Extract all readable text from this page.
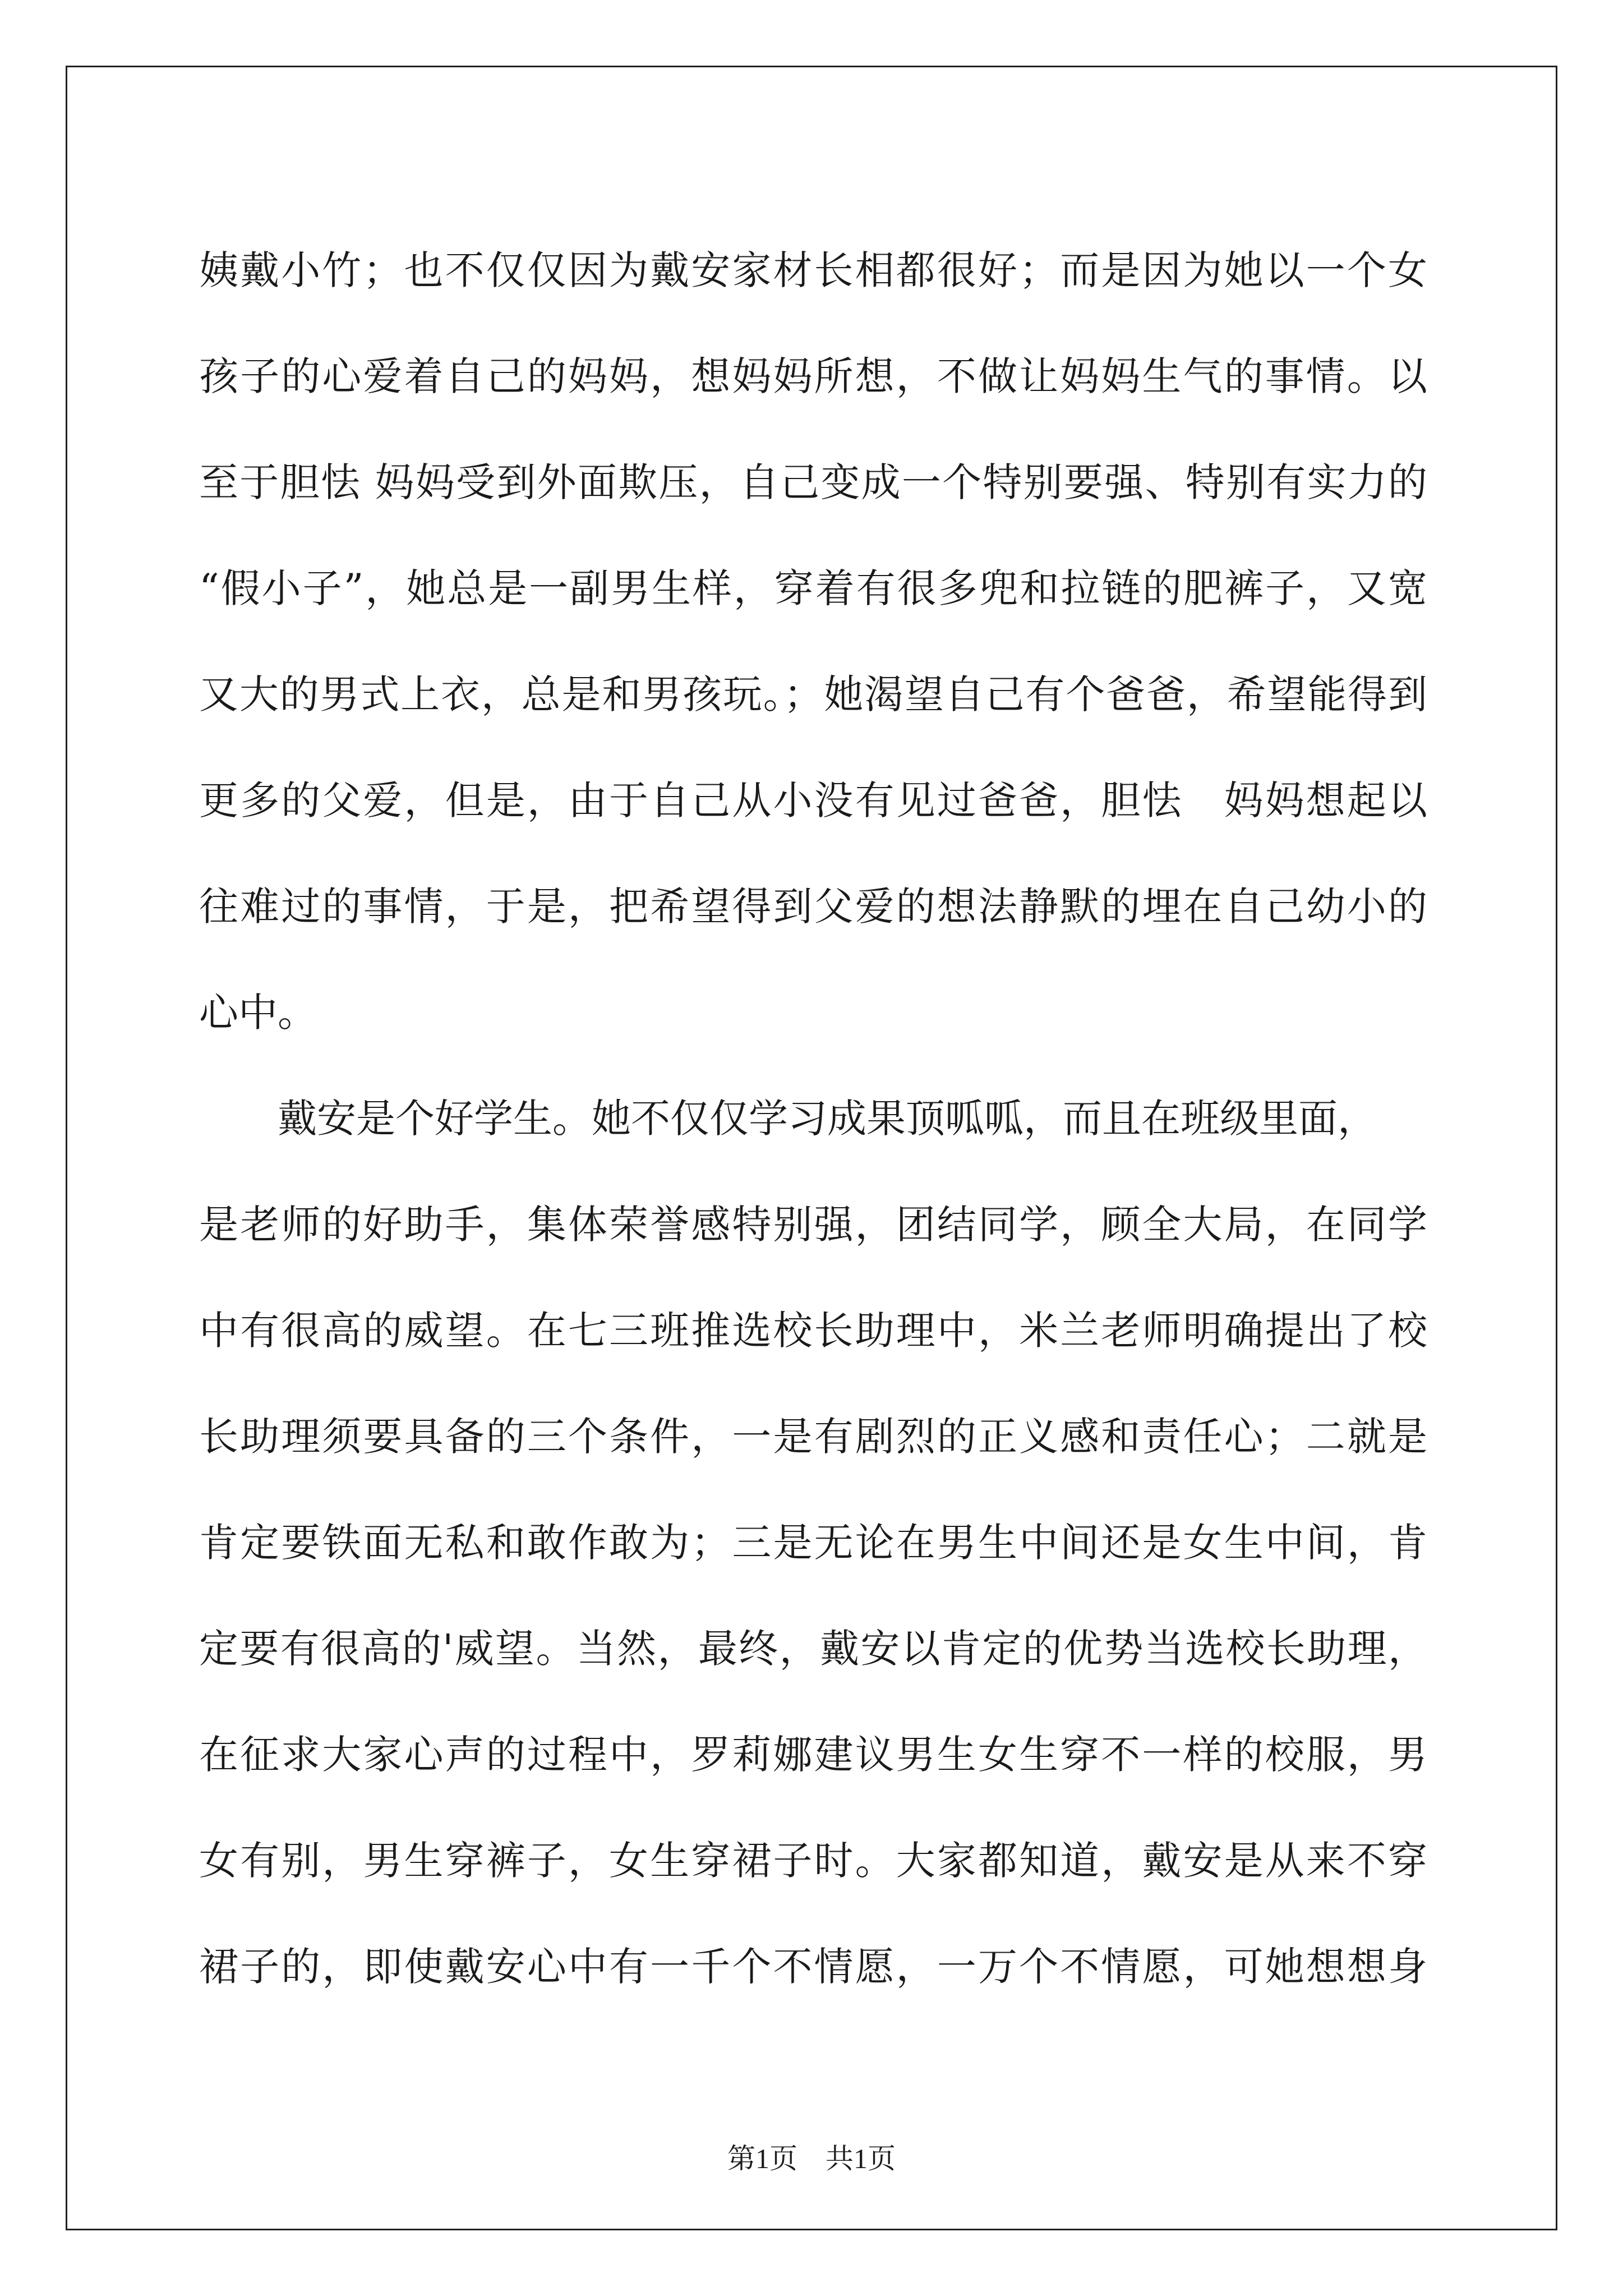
姨戴小竹；也不仅仅因为戴安家材长相都很好；而是因为她以一个女
孩子的心爱着自己的妈妈，想妈妈所想，不做让妈妈生气的事情。以
至于胆怯 妈妈受到外面欺压，自己变成一个特别要强、特别有实力的
“假小子”，她总是一副男生样，穿着有很多兜和拉链的肥裤子，又宽
又大的男式上衣，总是和男孩玩。；她渴望自己有个爸爸，希望能得到
更多的父爱，但是，由于自己从小没有见过爸爸，胆怯　妈妈想起以
往难过的事情，于是，把希望得到父爱的想法静默的埋在自己幼小的
心中。
　　戴安是个好学生。她不仅仅学习成果顶呱呱，而且在班级里面，
是老师的好助手，集体荣誉感特别强，团结同学，顾全大局，在同学
中有很高的威望。在七三班推选校长助理中，米兰老师明确提出了校
长助理须要具备的三个条件，一是有剧烈的正义感和责任心；二就是
肯定要铁面无私和敢作敢为；三是无论在男生中间还是女生中间，肯
定要有很高的'威望。当然，最终，戴安以肯定的优势当选校长助理，
在征求大家心声的过程中，罗莉娜建议男生女生穿不一样的校服，男
女有别，男生穿裤子，女生穿裙子时。大家都知道，戴安是从来不穿
裙子的，即使戴安心中有一千个不情愿，一万个不情愿，可她想想身
第1页　共1页
